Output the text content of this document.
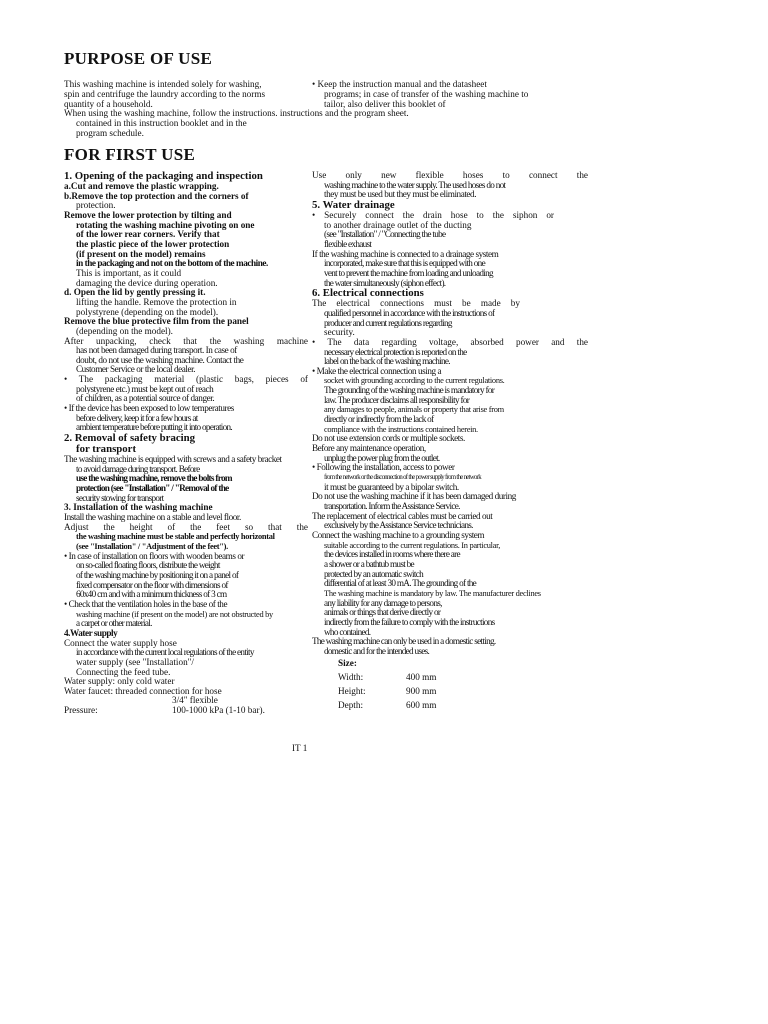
PURPOSE OF USE
This washing machine is intended solely for washing,
spin and centrifuge the laundry according to the norms
quantity of a household.
• Keep the instruction manual and the datasheet
programs; in case of transfer of the washing machine to
tailor, also deliver this booklet of
When using the washing machine, follow the instructions. instructions and the program sheet.
contained in this instruction booklet and in the
program schedule.
FOR FIRST USE
1. Opening of the packaging and inspection
a.Cut and remove the plastic wrapping.
b.Remove the top protection and the corners of
protection.
Remove the lower protection by tilting and
rotating the washing machine pivoting on one
of the lower rear corners. Verify that
the plastic piece of the lower protection
(if present on the model) remains
in the packaging and not on the bottom of the machine.
This is important, as it could
damaging the device during operation.
d. Open the lid by gently pressing it.
lifting the handle. Remove the protection in
polystyrene (depending on the model).
Remove the blue protective film from the panel
(depending on the model).
After unpacking, check that the washing machine
has not been damaged during transport. In case of
doubt, do not use the washing machine. Contact the
Customer Service or the local dealer.
• The packaging material (plastic bags, pieces of
polystyrene etc.) must be kept out of reach
of children, as a potential source of danger.
• If the device has been exposed to low temperatures
before delivery, keep it for a few hours at
ambient temperature before putting it into operation.
2. Removal of safety bracing
for transport
The washing machine is equipped with screws and a safety bracket
to avoid damage during transport. Before
use the washing machine, remove the bolts from
protection (see "Installation" / "Removal of the
security stowing for transport
3. Installation of the washing machine
Install the washing machine on a stable and level floor.
Adjust the height of the feet so that the
the washing machine must be stable and perfectly horizontal
(see "Installation" / "Adjustment of the feet").
• In case of installation on floors with wooden beams or
on so-called floating floors, distribute the weight
of the washing machine by positioning it on a panel of
fixed compensator on the floor with dimensions of
60x40 cm and with a minimum thickness of 3 cm
• Check that the ventilation holes in the base of the
washing machine (if present on the model) are not obstructed by
a carpet or other material.
4.Water supply
Connect the water supply hose
in accordance with the current local regulations of the entity
water supply (see "Installation"/
Connecting the feed tube.
Water supply: only cold water
Water faucet: threaded connection for hose
3/4" flexible
Pressure:	100-1000 kPa (1-10 bar).
Use only new flexible hoses to connect the
washing machine to the water supply. The used hoses do not
they must be used but they must be eliminated.
5. Water drainage
• Securely connect the drain hose to the siphon or
to another drainage outlet of the ducting
(see "Installation" / "Connecting the tube
flexible exhaust
If the washing machine is connected to a drainage system
incorporated, make sure that this is equipped with one
vent to prevent the machine from loading and unloading
the water simultaneously (siphon effect).
6. Electrical connections
The electrical connections must be made by
qualified personnel in accordance with the instructions of
producer and current regulations regarding
security.
• The data regarding voltage, absorbed power and the
necessary electrical protection is reported on the
label on the back of the washing machine.
• Make the electrical connection using a
socket with grounding according to the current regulations.
The grounding of the washing machine is mandatory for
law. The producer disclaims all responsibility for
any damages to people, animals or property that arise from
directly or indirectly from the lack of
compliance with the instructions contained herein.
Do not use extension cords or multiple sockets.
Before any maintenance operation,
unplug the power plug from the outlet.
• Following the installation, access to power
from the network or the disconnection of the power supply from the network
it must be guaranteed by a bipolar switch.
Do not use the washing machine if it has been damaged during
transportation. Inform the Assistance Service.
The replacement of electrical cables must be carried out
exclusively by the Assistance Service technicians.
Connect the washing machine to a grounding system
suitable according to the current regulations. In particular,
the devices installed in rooms where there are
a shower or a bathtub must be
protected by an automatic switch
differential of at least 30 mA. The grounding of the
The washing machine is mandatory by law. The manufacturer declines
any liability for any damage to persons,
animals or things that derive directly or
indirectly from the failure to comply with the instructions
who contained.
The washing machine can only be used in a domestic setting.
domestic and for the intended uses.
Size:
Width:	400 mm
Height:	900 mm
Depth:	600 mm
IT 1
